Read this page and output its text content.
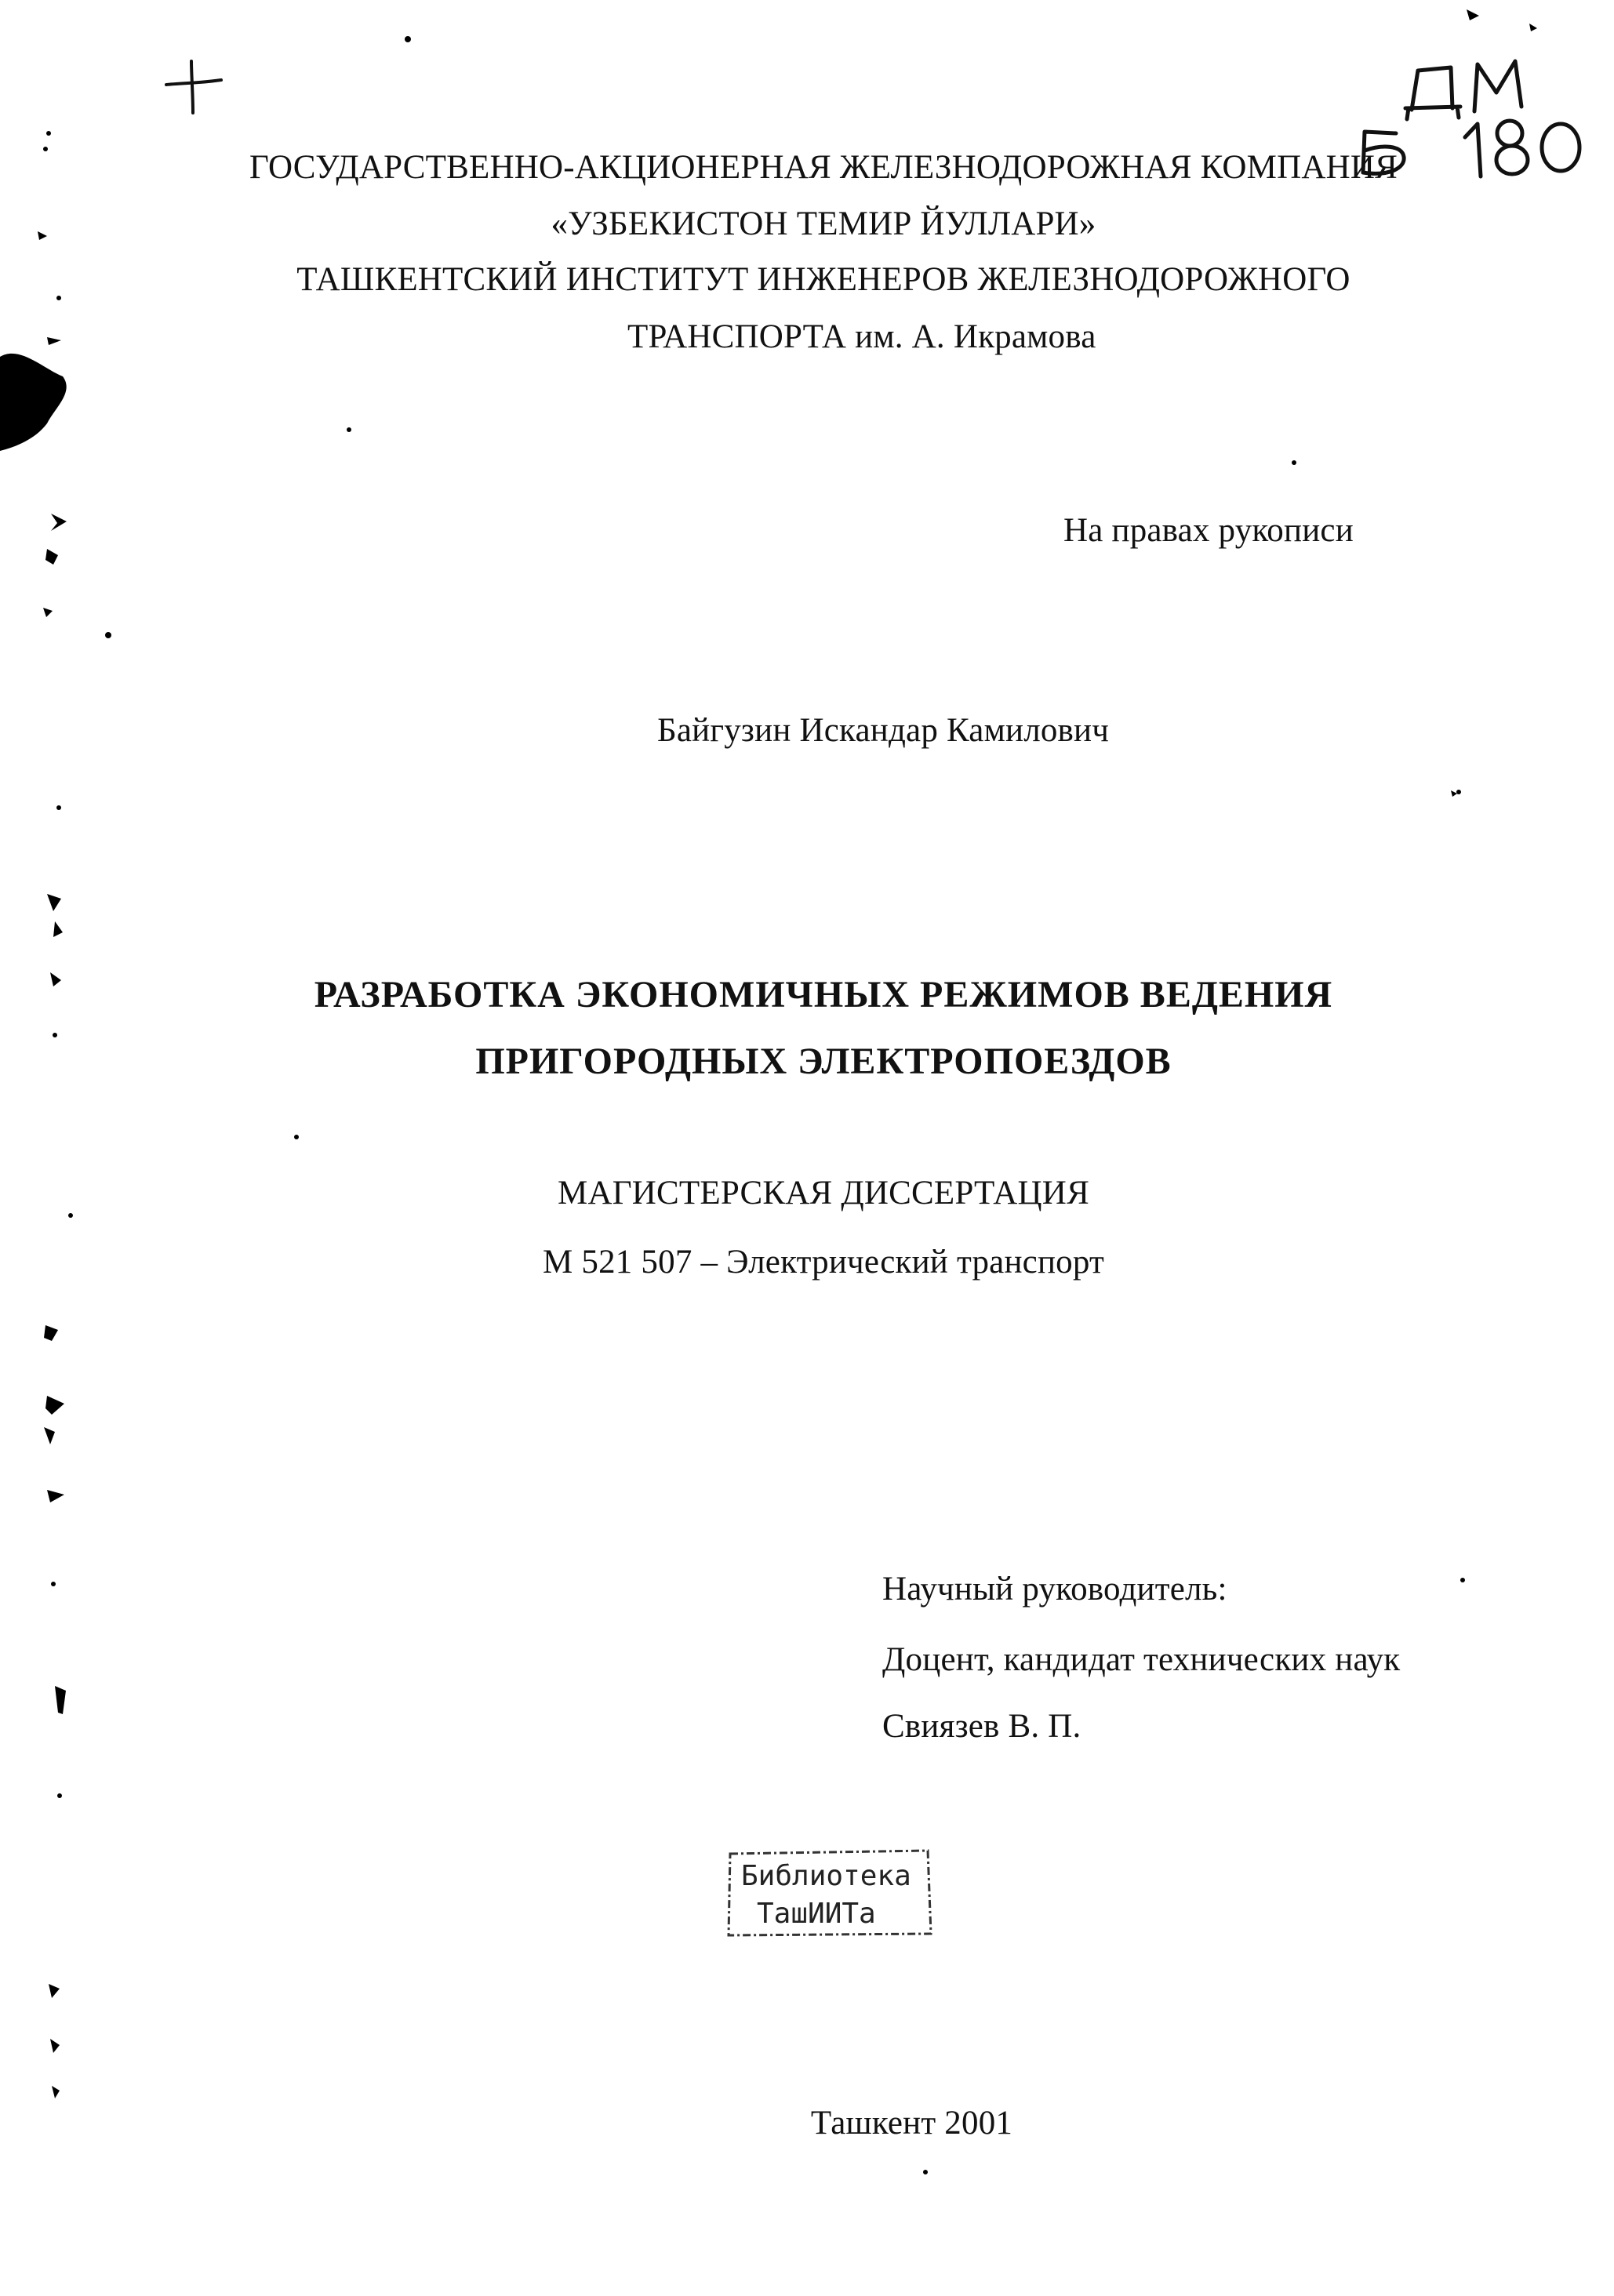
ГОСУДАРСТВЕННО-АКЦИОНЕРНАЯ ЖЕЛЕЗНОДОРОЖНАЯ КОМПАНИЯ
«УЗБЕКИСТОН ТЕМИР ЙУЛЛАРИ»
ТАШКЕНТСКИЙ ИНСТИТУТ ИНЖЕНЕРОВ ЖЕЛЕЗНОДОРОЖНОГО
ТРАНСПОРТА им. А. Икрамова
На правах рукописи
Байгузин Искандар Камилович
РАЗРАБОТКА ЭКОНОМИЧНЫХ РЕЖИМОВ ВЕДЕНИЯ
ПРИГОРОДНЫХ ЭЛЕКТРОПОЕЗДОВ
МАГИСТЕРСКАЯ ДИССЕРТАЦИЯ
М 521 507 – Электрический транспорт
Научный руководитель:
Доцент, кандидат технических наук
Свиязев В. П.
Библиотека
ТашИИТа
Ташкент 2001
